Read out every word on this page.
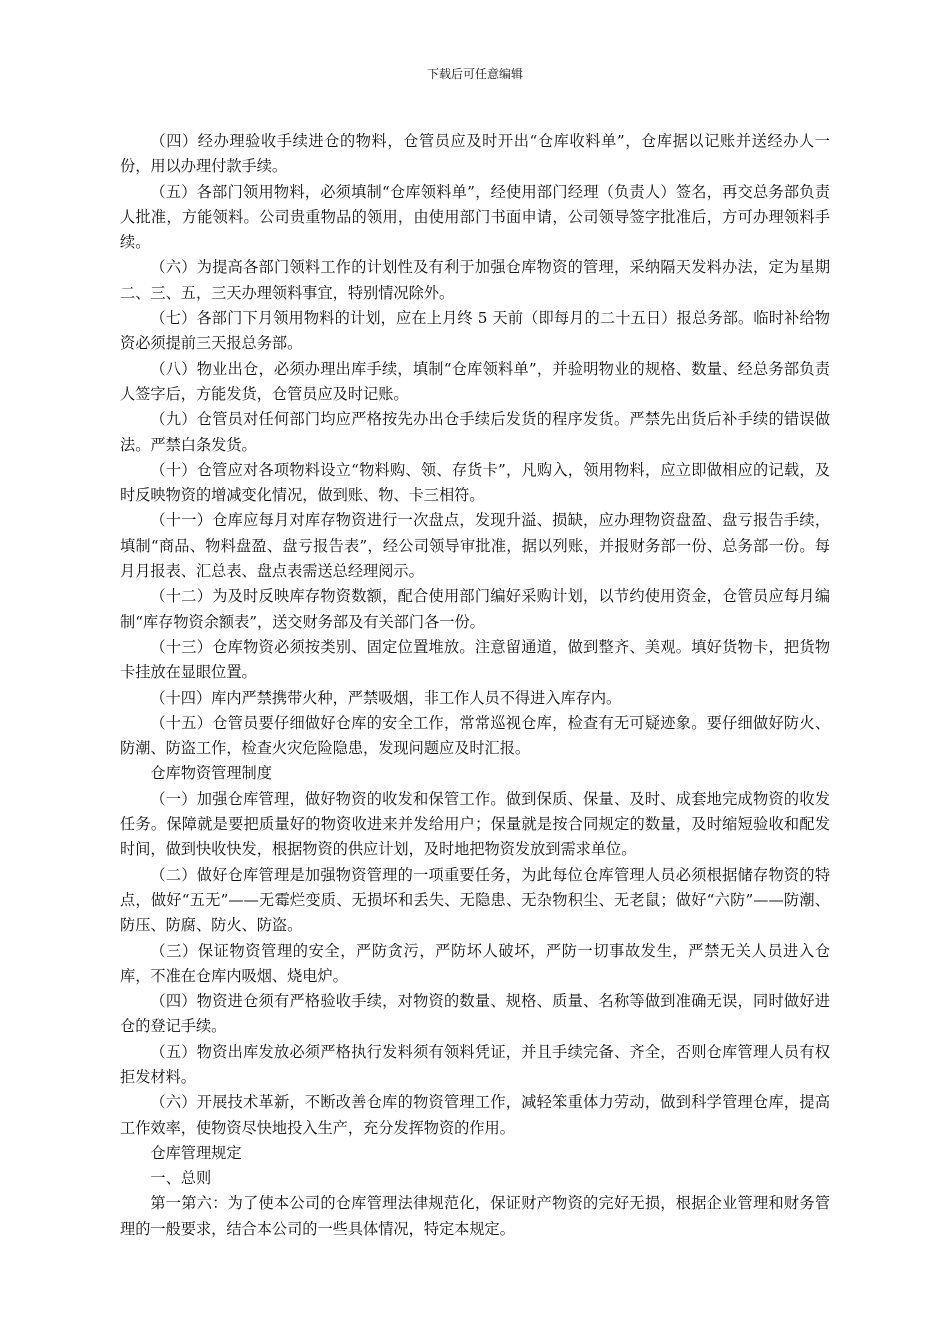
下载后可任意编辑

（四）经办理验收手续进仓的物料，仓管员应及时开出“仓库收料单”，仓库据以记账并送经办人一份，用以办理付款手续。

（五）各部门领用物料，必须填制“仓库领料单”，经使用部门经理（负责人）签名，再交总务部负责人批准，方能领料。公司贵重物品的领用，由使用部门书面申请，公司领导签字批准后，方可办理领料手续。

（六）为提高各部门领料工作的计划性及有利于加强仓库物资的管理，采纳隔天发料办法，定为星期二、三、五，三天办理领料事宜，特别情况除外。

（七）各部门下月领用物料的计划，应在上月终 5 天前（即每月的二十五日）报总务部。临时补给物资必须提前三天报总务部。

（八）物业出仓，必须办理出库手续，填制“仓库领料单”，并验明物业的规格、数量、经总务部负责人签字后，方能发货，仓管员应及时记账。

（九）仓管员对任何部门均应严格按先办出仓手续后发货的程序发货。严禁先出货后补手续的错误做法。严禁白条发货。

（十）仓管应对各项物料设立“物料购、领、存货卡”，凡购入，领用物料，应立即做相应的记载，及时反映物资的增减变化情况，做到账、物、卡三相符。

（十一）仓库应每月对库存物资进行一次盘点，发现升溢、损缺，应办理物资盘盈、盘亏报告手续，填制“商品、物料盘盈、盘亏报告表”，经公司领导审批准，据以列账，并报财务部一份、总务部一份。每月月报表、汇总表、盘点表需送总经理阅示。

（十二）为及时反映库存物资数额，配合使用部门编好采购计划，以节约使用资金，仓管员应每月编制“库存物资余额表”，送交财务部及有关部门各一份。

（十三）仓库物资必须按类别、固定位置堆放。注意留通道，做到整齐、美观。填好货物卡，把货物卡挂放在显眼位置。

（十四）库内严禁携带火种，严禁吸烟，非工作人员不得进入库存内。

（十五）仓管员要仔细做好仓库的安全工作，常常巡视仓库，检查有无可疑迹象。要仔细做好防火、防潮、防盗工作，检查火灾危险隐患，发现问题应及时汇报。

仓库物资管理制度

（一）加强仓库管理，做好物资的收发和保管工作。做到保质、保量、及时、成套地完成物资的收发任务。保障就是要把质量好的物资收进来并发给用户；保量就是按合同规定的数量，及时缩短验收和配发时间，做到快收快发，根据物资的供应计划，及时地把物资发放到需求单位。

（二）做好仓库管理是加强物资管理的一项重要任务，为此每位仓库管理人员必须根据储存物资的特点，做好“五无”——无霉烂变质、无损坏和丢失、无隐患、无杂物积尘、无老鼠；做好“六防”——防潮、防压、防腐、防火、防盗。

（三）保证物资管理的安全，严防贪污，严防坏人破坏，严防一切事故发生，严禁无关人员进入仓库，不准在仓库内吸烟、烧电炉。

（四）物资进仓须有严格验收手续，对物资的数量、规格、质量、名称等做到准确无误，同时做好进仓的登记手续。

（五）物资出库发放必须严格执行发料须有领料凭证，并且手续完备、齐全，否则仓库管理人员有权拒发材料。

（六）开展技术革新，不断改善仓库的物资管理工作，减轻笨重体力劳动，做到科学管理仓库，提高工作效率，使物资尽快地投入生产，充分发挥物资的作用。

仓库管理规定

一、总则

第一第六：为了使本公司的仓库管理法律规范化，保证财产物资的完好无损，根据企业管理和财务管理的一般要求，结合本公司的一些具体情况，特定本规定。
